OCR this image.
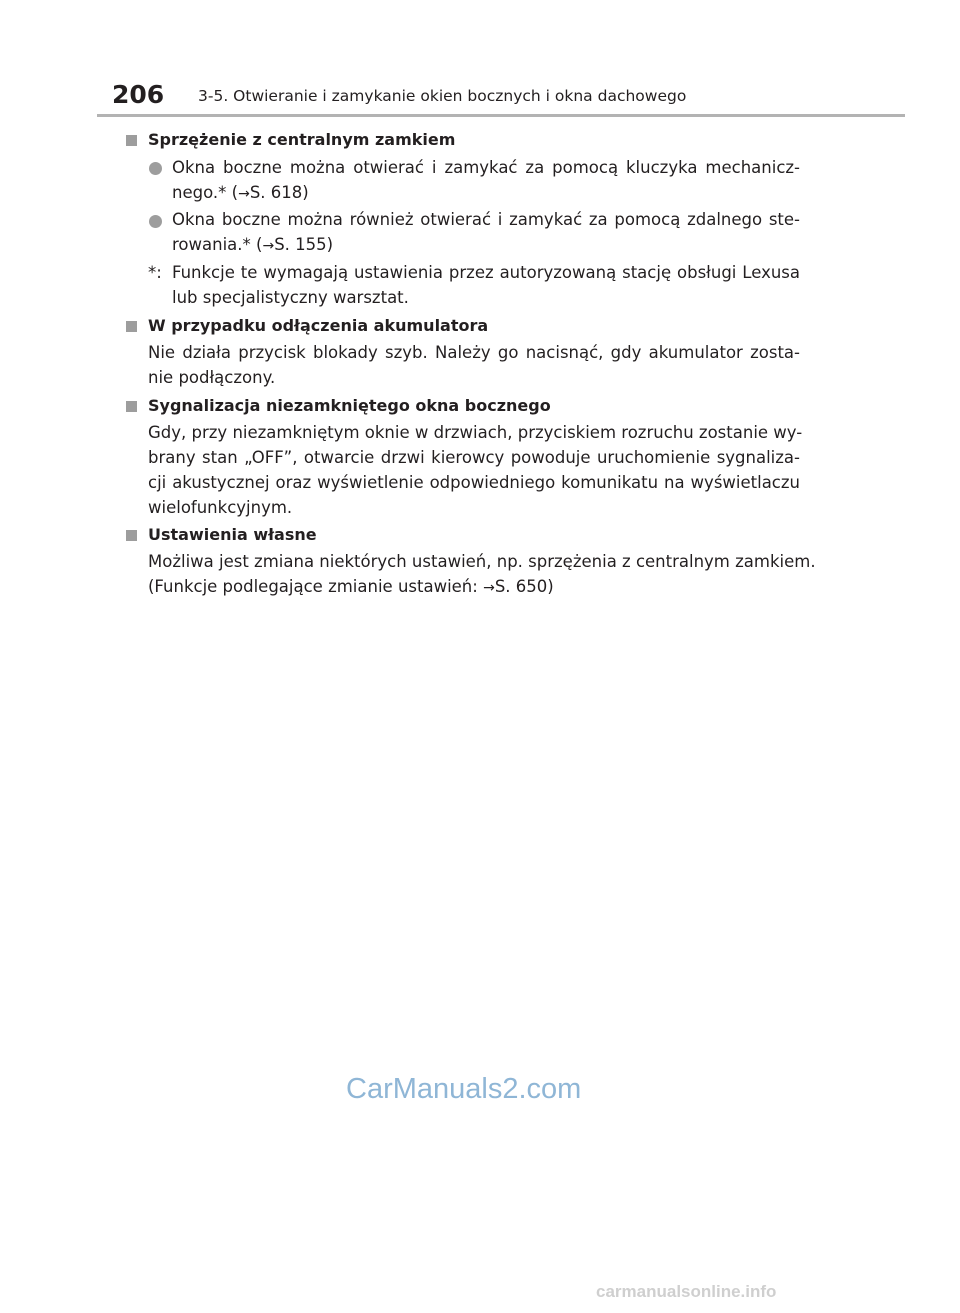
206 3-5. Otwieranie i zamykanie okien bocznych i okna dachowego
Sprzężenie z centralnym zamkiem
Okna boczne można otwierać i zamykać za pomocą kluczyka mechanicz-
nego.* (→S. 618)
Okna boczne można również otwierać i zamykać za pomocą zdalnego ste-
rowania.* (→S. 155)
*: Funkcje te wymagają ustawienia przez autoryzowaną stację obsługi Lexusa
lub specjalistyczny warsztat.
W przypadku odłączenia akumulatora
Nie działa przycisk blokady szyb. Należy go nacisnąć, gdy akumulator zosta-
nie podłączony.
Sygnalizacja niezamkniętego okna bocznego
Gdy, przy niezamkniętym oknie w drzwiach, przyciskiem rozruchu zostanie wy-
brany stan „OFF”, otwarcie drzwi kierowcy powoduje uruchomienie sygnaliza-
cji akustycznej oraz wyświetlenie odpowiedniego komunikatu na wyświetlaczu
wielofunkcyjnym.
Ustawienia własne
Możliwa jest zmiana niektórych ustawień, np. sprzężenia z centralnym zamkiem.
(Funkcje podlegające zmianie ustawień: →S. 650)
CarManuals2.com
carmanualsonline.info
